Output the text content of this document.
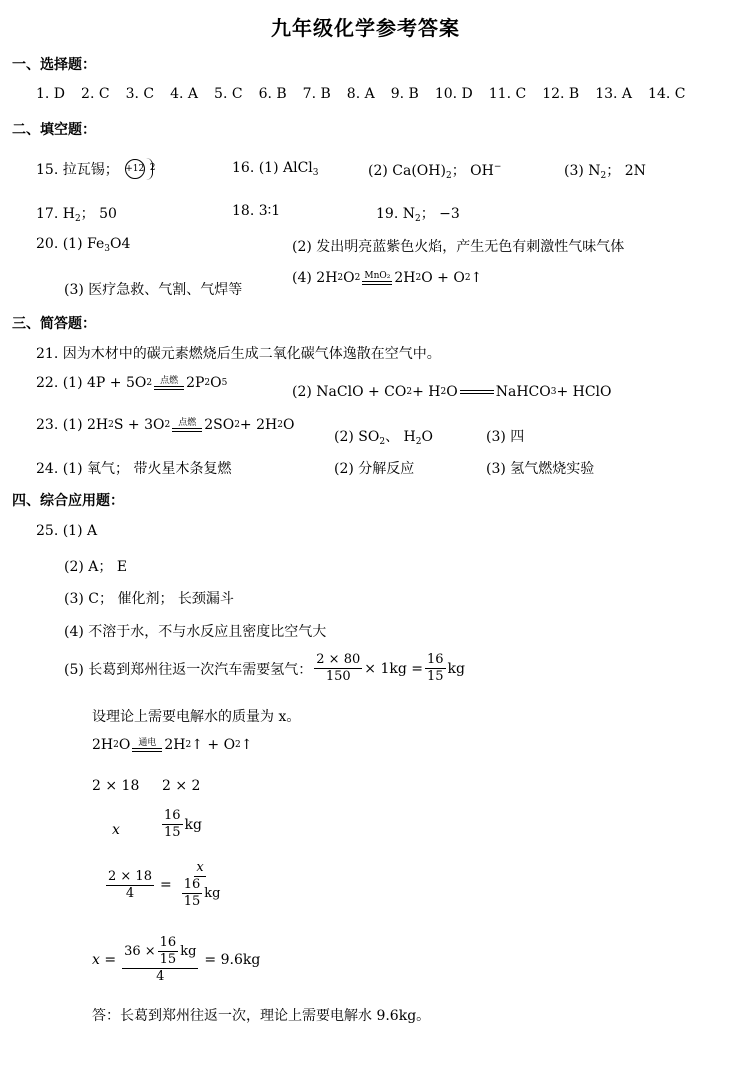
九年级化学参考答案
一、选择题：
1. D 2. C 3. C 4. A 5. C 6. B 7. B 8. A 9. B 10. D 11. C 12. B 13. A 14. C
二、填空题：
15. 拉瓦锡； +12 2	16. (1) AlCl$_3$	(2) $Ca(OH)_2$； OH−	(3) $N_2$； 2N
17. $H_2$； 50	18. 3∶1	19. $N_2$； −3
20. (1) $Fe_3O4$	(2) 发出明亮蓝紫色火焰，产生无色有刺激性气味气体
(3) 医疗急救、气割、气焊等
(4) 2H 2 O 2 MnO₂ 2H 2 O + O 2 ↑
三、简答题：
21. 因为木材中的碳元素燃烧后生成二氧化碳气体逸散在空气中。
22. (1) 4P + 5O 2 点燃 2P 2 O 5
(2) NaClO + CO 2 + H 2 O	NaHCO 3 + HClO
23. (1) 2H 2 S + 3O 2 点燃 2SO 2 + 2H 2 O
(2) $SO_2$、 $H_2O$	(3) 四
24. (1) 氧气； 带火星木条复燃	(2) 分解反应	(3) 氢气燃烧实验
四、综合应用题：
25. (1) A
(2) A； E
(3) C； 催化剂； 长颈漏斗
(4) 不溶于水，不与水反应且密度比空气大
(5) 长葛到郑州往返一次汽车需要氢气： $\frac{2 \times 80}{150} \times 1kg = \frac{16}{15}$ kg
设理论上需要电解水的质量为 x。
2H 2 O 通电 2H 2 ↑ + O 2 ↑
2 × 18 2 × 2
x	$\frac{16}{15}$ kg
$\frac{2 \times 18}{4} = \frac{x}{\frac{16}{15} kg}$
$x = \frac{36 \times \frac{16}{15} kg}{4} = 9.6kg$
答：长葛到郑州往返一次，理论上需要电解水 9.6kg。
